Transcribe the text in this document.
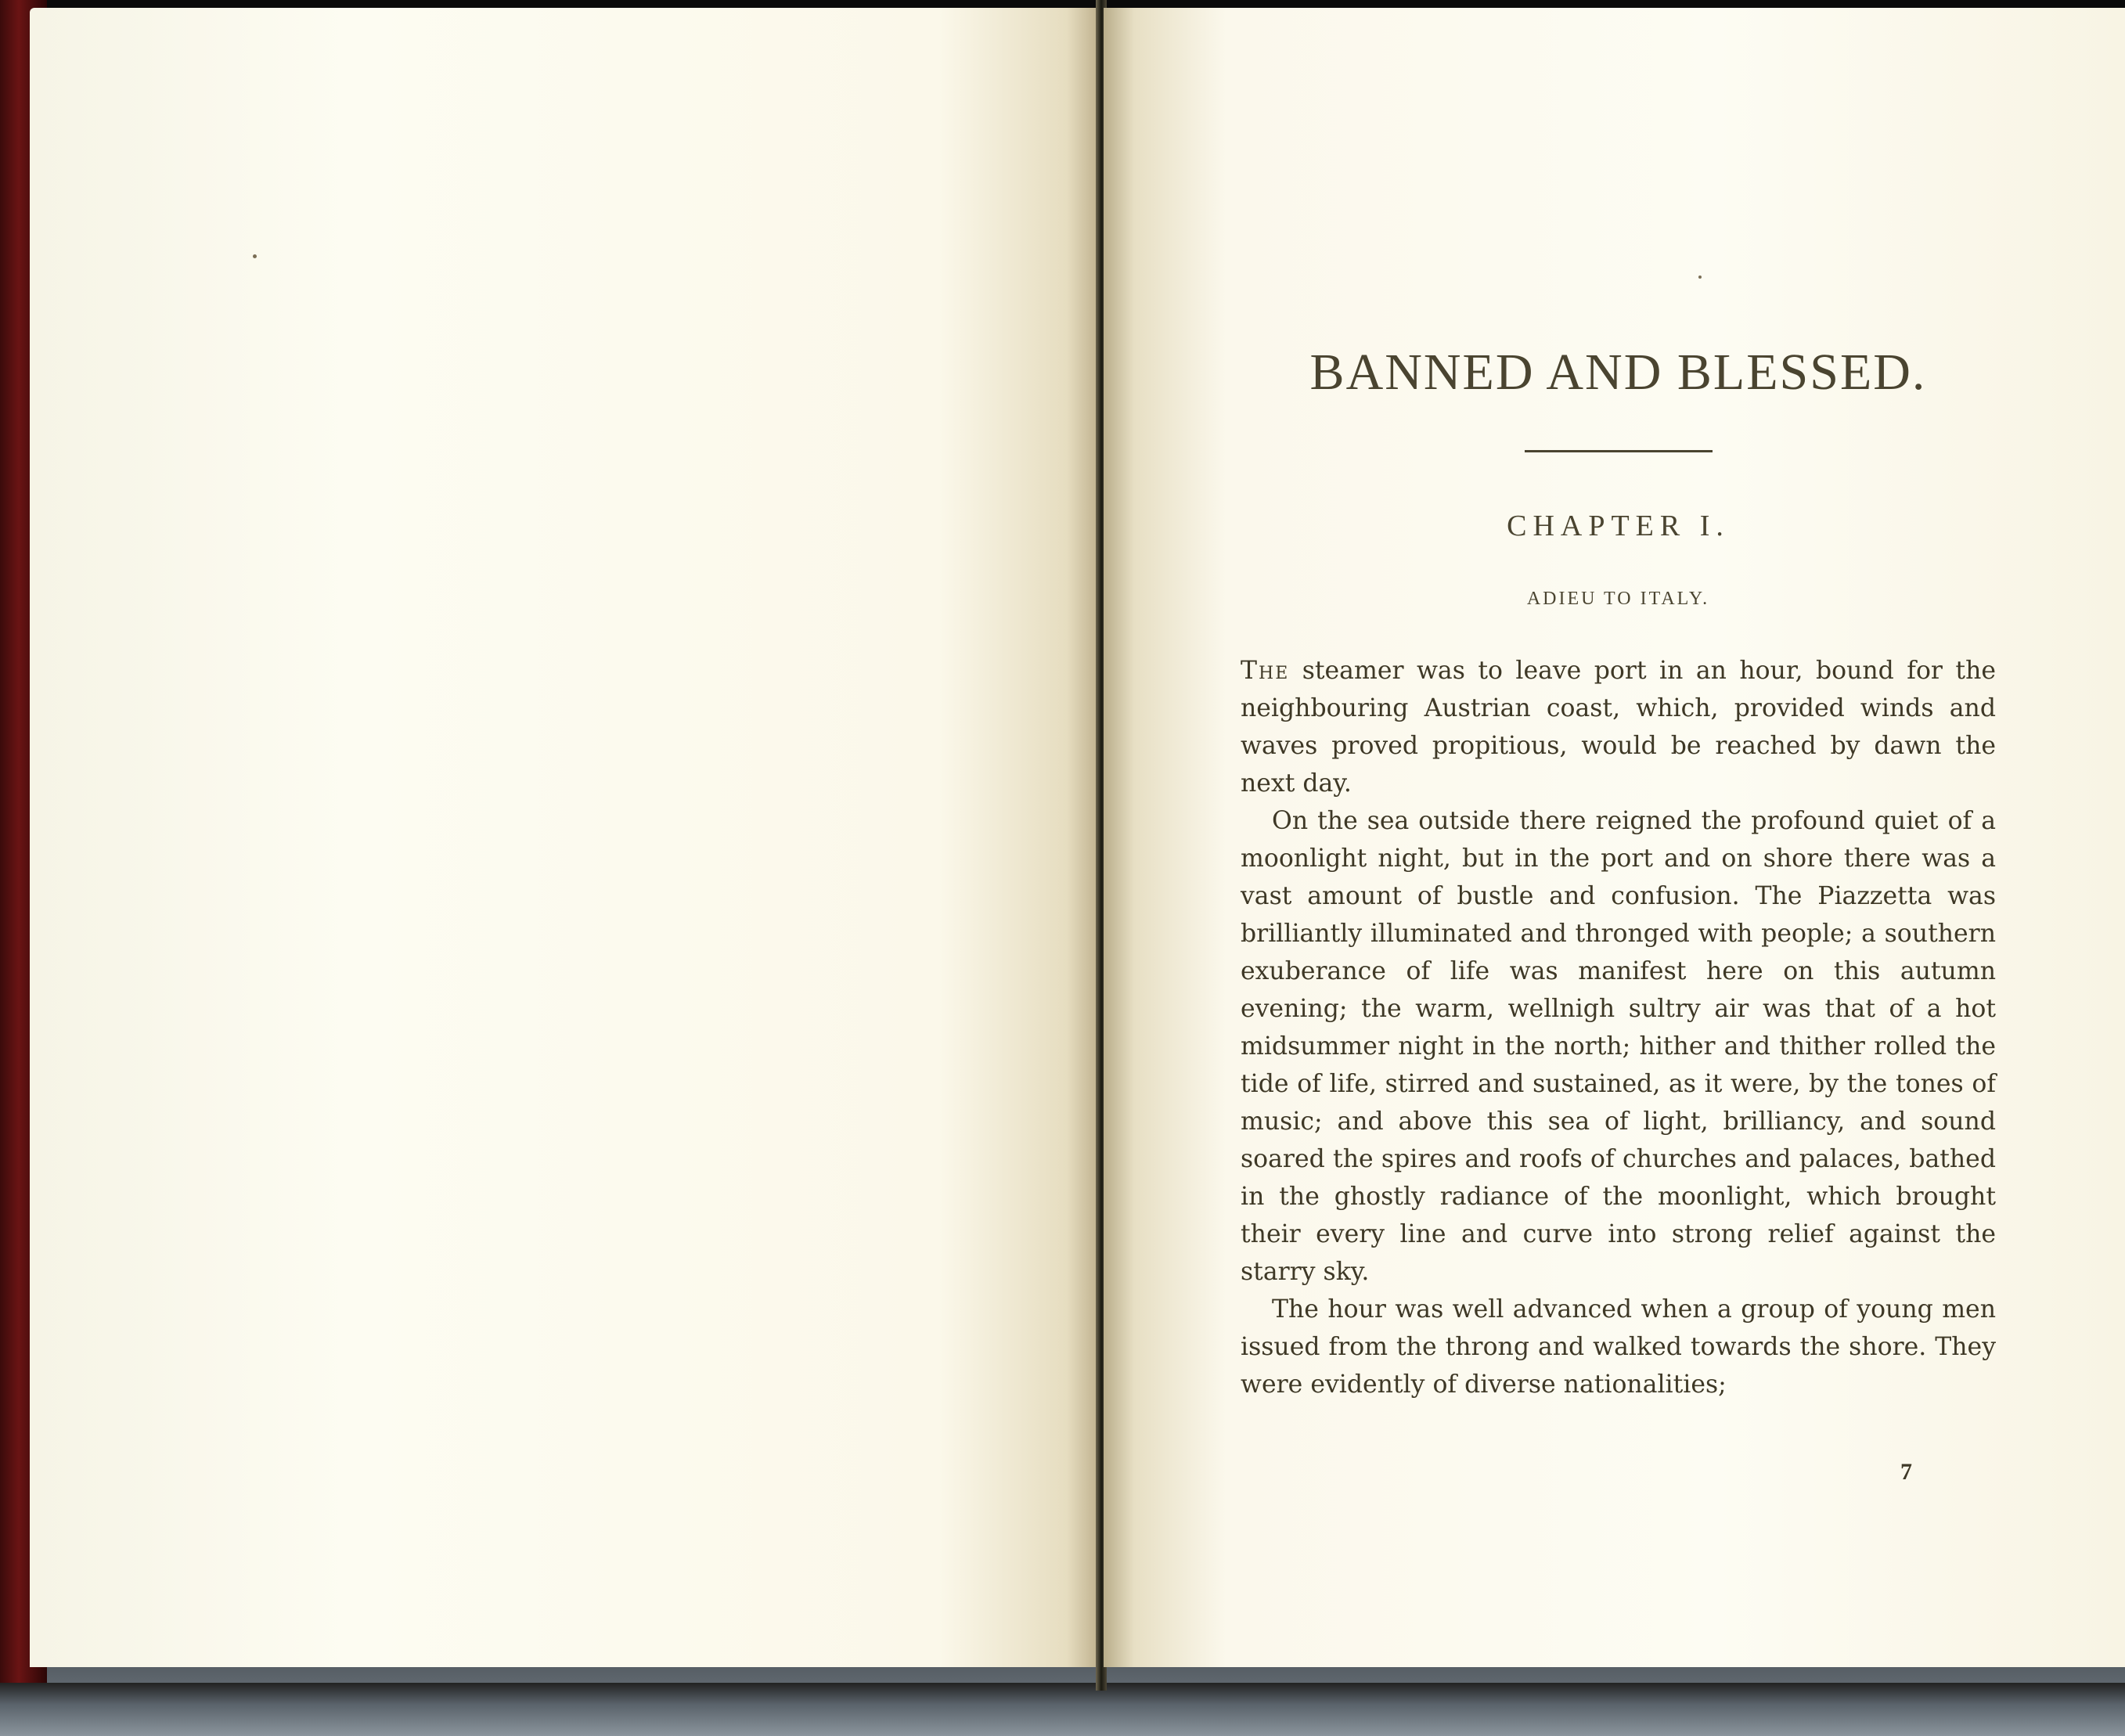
BANNED AND BLESSED.
CHAPTER I.
ADIEU TO ITALY.

The steamer was to leave port in an hour, bound for the neighbouring Austrian coast, which, provided winds and waves proved propitious, would be reached by dawn the next day.

On the sea outside there reigned the profound quiet of a moonlight night, but in the port and on shore there was a vast amount of bustle and confusion. The Piazzetta was brilliantly illuminated and thronged with people; a southern exuberance of life was manifest here on this autumn evening; the warm, wellnigh sultry air was that of a hot midsummer night in the north; hither and thither rolled the tide of life, stirred and sustained, as it were, by the tones of music; and above this sea of light, brilliancy, and sound soared the spires and roofs of churches and palaces, bathed in the ghostly radiance of the moonlight, which brought their every line and curve into strong relief against the starry sky.

The hour was well advanced when a group of young men issued from the throng and walked towards the shore. They were evidently of diverse nationalities;

7
